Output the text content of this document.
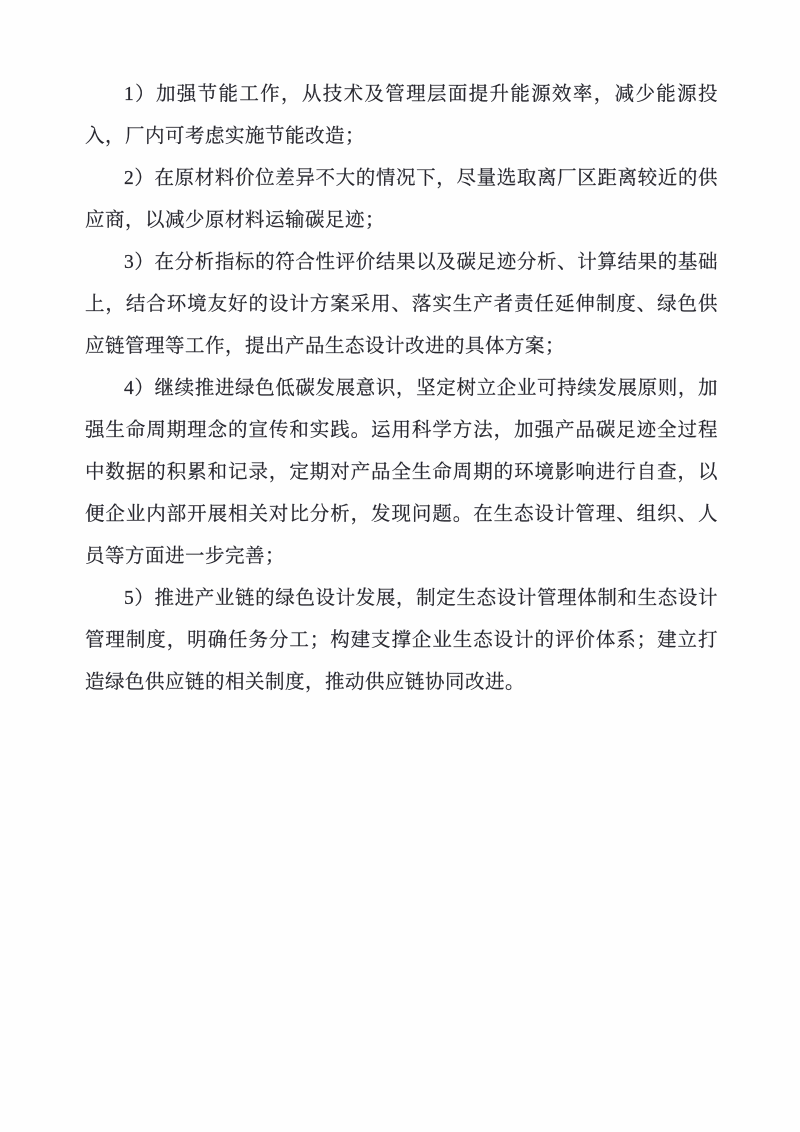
1）加强节能工作，从技术及管理层面提升能源效率，减少能源投入，厂内可考虑实施节能改造；

2）在原材料价位差异不大的情况下，尽量选取离厂区距离较近的供应商，以减少原材料运输碳足迹；

3）在分析指标的符合性评价结果以及碳足迹分析、计算结果的基础上，结合环境友好的设计方案采用、落实生产者责任延伸制度、绿色供应链管理等工作，提出产品生态设计改进的具体方案；

4）继续推进绿色低碳发展意识，坚定树立企业可持续发展原则，加强生命周期理念的宣传和实践。运用科学方法，加强产品碳足迹全过程中数据的积累和记录，定期对产品全生命周期的环境影响进行自查，以便企业内部开展相关对比分析，发现问题。在生态设计管理、组织、人员等方面进一步完善；

5）推进产业链的绿色设计发展，制定生态设计管理体制和生态设计管理制度，明确任务分工；构建支撑企业生态设计的评价体系；建立打造绿色供应链的相关制度，推动供应链协同改进。
